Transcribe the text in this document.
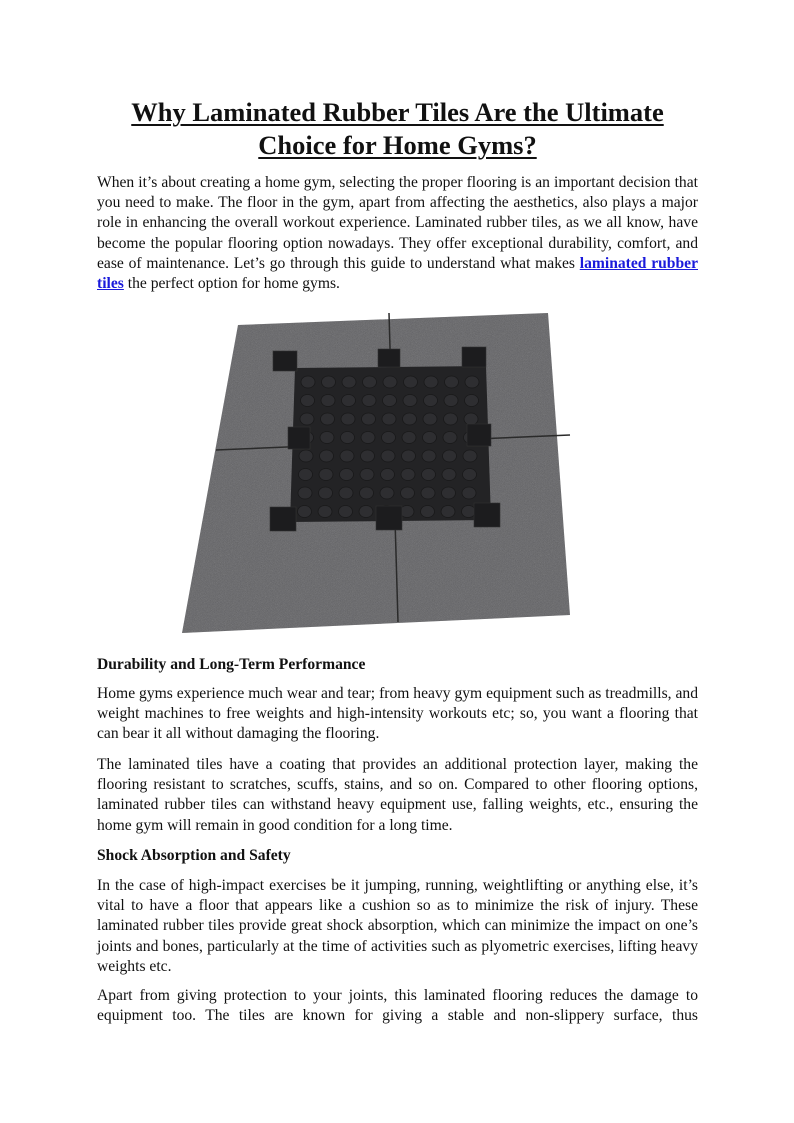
Why Laminated Rubber Tiles Are the Ultimate
Choice for Home Gyms?

When it’s about creating a home gym, selecting the proper flooring is an important decision that you need to make. The floor in the gym, apart from affecting the aesthetics, also plays a major role in enhancing the overall workout experience. Laminated rubber tiles, as we all know, have become the popular flooring option nowadays. They offer exceptional durability, comfort, and ease of maintenance. Let’s go through this guide to understand what makes laminated rubber tiles the perfect option for home gyms.

Durability and Long-Term Performance

Home gyms experience much wear and tear; from heavy gym equipment such as treadmills, and weight machines to free weights and high-intensity workouts etc; so, you want a flooring that can bear it all without damaging the flooring.

The laminated tiles have a coating that provides an additional protection layer, making the flooring resistant to scratches, scuffs, stains, and so on. Compared to other flooring options, laminated rubber tiles can withstand heavy equipment use, falling weights, etc., ensuring the home gym will remain in good condition for a long time.

Shock Absorption and Safety

In the case of high-impact exercises be it jumping, running, weightlifting or anything else, it’s vital to have a floor that appears like a cushion so as to minimize the risk of injury. These laminated rubber tiles provide great shock absorption, which can minimize the impact on one’s joints and bones, particularly at the time of activities such as plyometric exercises, lifting heavy weights etc.

Apart from giving protection to your joints, this laminated flooring reduces the damage to equipment too. The tiles are known for giving a stable and non-slippery surface, thus
